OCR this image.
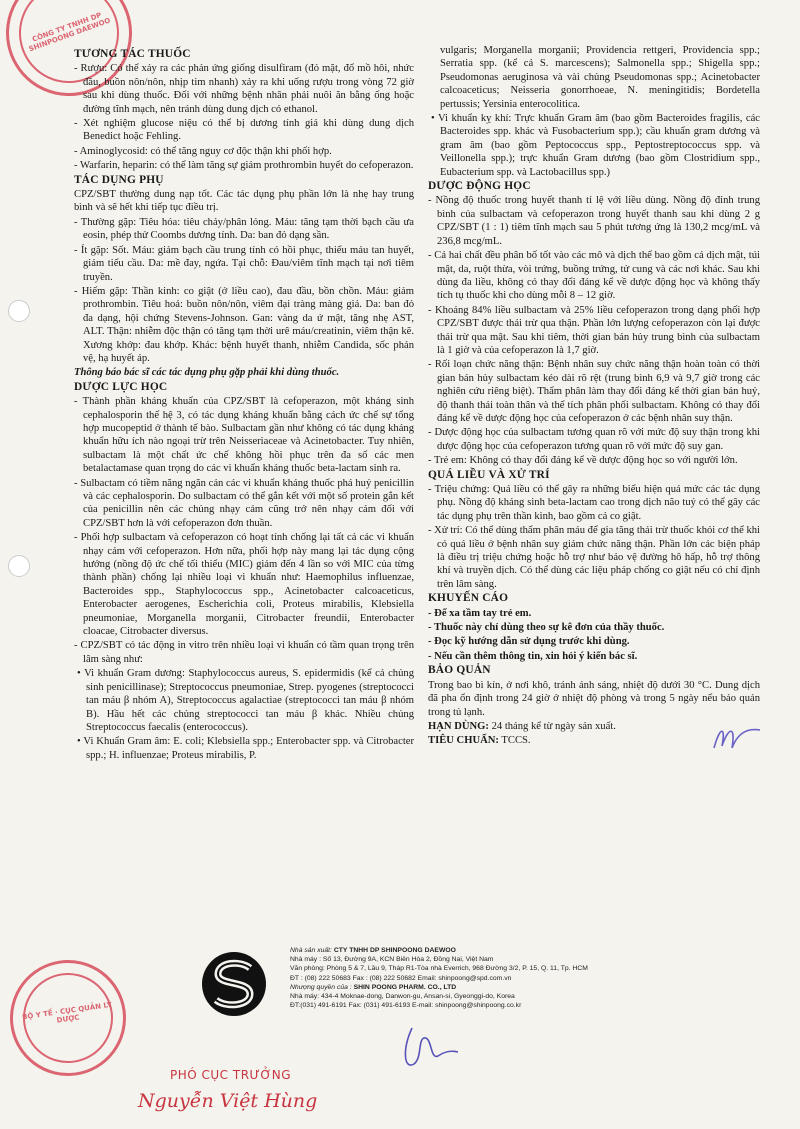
CÔNG TY TNHH DP SHINPOONG DAEWOO

TƯƠNG TÁC THUỐC

- Rượu: Có thể xảy ra các phản ứng giống disulfiram (đỏ mặt, đổ mồ hôi, nhức đầu, buồn nôn/nôn, nhịp tim nhanh) xảy ra khi uống rượu trong vòng 72 giờ sau khi dùng thuốc. Đối với những bệnh nhân phải nuôi ăn bằng ống hoặc đường tĩnh mạch, nên tránh dùng dung dịch có ethanol.

- Xét nghiệm glucose niệu có thể bị dương tính giả khi dùng dung dịch Benedict hoặc Fehling.

- Aminoglycosid: có thể tăng nguy cơ độc thận khi phối hợp.

- Warfarin, heparin: có thể làm tăng sự giảm prothrombin huyết do cefoperazon.

TÁC DỤNG PHỤ

CPZ/SBT thường dung nạp tốt. Các tác dụng phụ phần lớn là nhẹ hay trung bình và sẽ hết khi tiếp tục điều trị.

- Thường gặp: Tiêu hóa: tiêu chảy/phân lỏng. Máu: tăng tạm thời bạch cầu ưa eosin, phép thử Coombs dương tính. Da: ban đỏ dạng sần.

- Ít gặp: Sốt. Máu: giảm bạch cầu trung tính có hồi phục, thiếu máu tan huyết, giảm tiểu cầu. Da: mề đay, ngứa. Tại chỗ: Đau/viêm tĩnh mạch tại nơi tiêm truyền.

- Hiếm gặp: Thần kinh: co giật (ở liều cao), đau đầu, bồn chồn. Máu: giảm prothrombin. Tiêu hoá: buồn nôn/nôn, viêm đại tràng màng giả. Da: ban đỏ đa dạng, hội chứng Stevens-Johnson. Gan: vàng da ứ mật, tăng nhẹ AST, ALT. Thận: nhiễm độc thận có tăng tạm thời urê máu/creatinin, viêm thận kẽ. Xương khớp: đau khớp. Khác: bệnh huyết thanh, nhiễm Candida, sốc phản vệ, hạ huyết áp.

Thông báo bác sĩ các tác dụng phụ gặp phải khi dùng thuốc.

DƯỢC LỰC HỌC

- Thành phần kháng khuẩn của CPZ/SBT là cefoperazon, một kháng sinh cephalosporin thế hệ 3, có tác dụng kháng khuẩn bằng cách ức chế sự tổng hợp mucopeptid ở thành tế bào. Sulbactam gần như không có tác dụng kháng khuẩn hữu ích nào ngoại trừ trên Neisseriaceae và Acinetobacter. Tuy nhiên, sulbactam là một chất ức chế không hồi phục trên đa số các men betalactamase quan trọng do các vi khuẩn kháng thuốc beta-lactam sinh ra.

- Sulbactam có tiềm năng ngăn cản các vi khuẩn kháng thuốc phá huỷ penicillin và các cephalosporin. Do sulbactam có thể gắn kết với một số protein gắn kết của penicillin nên các chủng nhạy cảm cũng trở nên nhạy cảm đối với CPZ/SBT hơn là với cefoperazon đơn thuần.

- Phối hợp sulbactam và cefoperazon có hoạt tính chống lại tất cả các vi khuẩn nhạy cảm với cefoperazon. Hơn nữa, phối hợp này mang lại tác dụng cộng hưởng (nồng độ ức chế tối thiểu (MIC) giảm đến 4 lần so với MIC của từng thành phần) chống lại nhiều loại vi khuẩn như: Haemophilus influenzae, Bacteroides spp., Staphylococcus spp., Acinetobacter calcoaceticus, Enterobacter aerogenes, Escherichia coli, Proteus mirabilis, Klebsiella pneumoniae, Morganella morganii, Citrobacter freundii, Enterobacter cloacae, Citrobacter diversus.

- CPZ/SBT có tác động in vitro trên nhiều loại vi khuẩn có tầm quan trọng trên lâm sàng như:

• Vi khuẩn Gram dương: Staphylococcus aureus, S. epidermidis (kể cả chủng sinh penicillinase); Streptococcus pneumoniae, Strep. pyogenes (streptococci tan máu β nhóm A), Streptococcus agalactiae (streptococci tan máu β nhóm B). Hầu hết các chủng streptococci tan máu β khác. Nhiều chủng Streptococcus faecalis (enterococcus).

• Vi Khuẩn Gram âm: E. coli; Klebsiella spp.; Enterobacter spp. và Citrobacter spp.; H. influenzae; Proteus mirabilis, P.

vulgaris; Morganella morganii; Providencia rettgeri, Providencia spp.; Serratia spp. (kể cả S. marcescens); Salmonella spp.; Shigella spp.; Pseudomonas aeruginosa và vài chủng Pseudomonas spp.; Acinetobacter calcoaceticus; Neisseria gonorrhoeae, N. meningitidis; Bordetella pertussis; Yersinia enterocolitica.

• Vi khuẩn kỵ khí: Trực khuẩn Gram âm (bao gồm Bacteroides fragilis, các Bacteroides spp. khác và Fusobacterium spp.); cầu khuẩn gram dương và gram âm (bao gồm Peptococcus spp., Peptostreptococcus spp. và Veillonella spp.); trực khuẩn Gram dương (bao gồm Clostridium spp., Eubacterium spp. và Lactobacillus spp.)

DƯỢC ĐỘNG HỌC

- Nồng độ thuốc trong huyết thanh tỉ lệ với liều dùng. Nồng độ đỉnh trung bình của sulbactam và cefoperazon trong huyết thanh sau khi dùng 2 g CPZ/SBT (1 : 1) tiêm tĩnh mạch sau 5 phút tương ứng là 130,2 mcg/mL và 236,8 mcg/mL.

- Cả hai chất đều phân bố tốt vào các mô và dịch thể bao gồm cả dịch mật, túi mật, da, ruột thừa, vòi trứng, buồng trứng, tử cung và các nơi khác. Sau khi dùng đa liều, không có thay đổi đáng kể về dược động học và không thấy tích tụ thuốc khi cho dùng mỗi 8 – 12 giờ.

- Khoảng 84% liều sulbactam và 25% liều cefoperazon trong dạng phối hợp CPZ/SBT được thải trừ qua thận. Phần lớn lượng cefoperazon còn lại được thải trừ qua mật. Sau khi tiêm, thời gian bán hủy trung bình của sulbactam là 1 giờ và của cefoperazon là 1,7 giờ.

- Rối loạn chức năng thận: Bệnh nhân suy chức năng thận hoàn toàn có thời gian bán hủy sulbactam kéo dài rõ rệt (trung bình 6,9 và 9,7 giờ trong các nghiên cứu riêng biệt). Thẩm phân làm thay đổi đáng kể thời gian bán huỷ, độ thanh thải toàn thân và thể tích phân phối sulbactam. Không có thay đổi đáng kể về dược động học của cefoperazon ở các bệnh nhân suy thận.

- Dược động học của sulbactam tương quan rõ với mức độ suy thận trong khi dược động học của cefoperazon tương quan rõ với mức độ suy gan.

- Trẻ em: Không có thay đổi đáng kể về dược động học so với người lớn.

QUÁ LIỀU VÀ XỬ TRÍ

- Triệu chứng: Quá liều có thể gây ra những biểu hiện quá mức các tác dụng phụ. Nồng độ kháng sinh beta-lactam cao trong dịch não tuỷ có thể gây các tác dụng phụ trên thần kinh, bao gồm cả co giật.

- Xử trí: Có thể dùng thẩm phân máu để gia tăng thải trừ thuốc khỏi cơ thể khi có quá liều ở bệnh nhân suy giảm chức năng thận. Phần lớn các biện pháp là điều trị triệu chứng hoặc hỗ trợ như bảo vệ đường hô hấp, hỗ trợ thông khí và truyền dịch. Có thể dùng các liệu pháp chống co giật nếu có chỉ định trên lâm sàng.

KHUYẾN CÁO

- Để xa tầm tay trẻ em.

- Thuốc này chỉ dùng theo sự kê đơn của thầy thuốc.

- Đọc kỹ hướng dẫn sử dụng trước khi dùng.

- Nếu cần thêm thông tin, xin hỏi ý kiến bác sĩ.

BẢO QUẢN

Trong bao bì kín, ở nơi khô, tránh ánh sáng, nhiệt độ dưới 30 °C. Dung dịch đã pha ổn định trong 24 giờ ở nhiệt độ phòng và trong 5 ngày nếu bảo quản trong tủ lạnh.

HẠN DÙNG: 24 tháng kể từ ngày sản xuất.

TIÊU CHUẨN: TCCS.

Nhà sản xuất: CTY TNHH DP SHINPOONG DAEWOO
Nhà máy : Số 13, Đường 9A, KCN Biên Hòa 2, Đồng Nai, Việt Nam
Văn phòng: Phòng 5 & 7, Lầu 9, Tháp R1-Tòa nhà Everrich, 968 Đường 3/2, P. 15, Q. 11, Tp. HCM
ĐT : (08) 222 50683 Fax : (08) 222 50682 Email: shinpoong@spd.com.vn
Nhượng quyền của : SHIN POONG PHARM. CO., LTD
Nhà máy: 434-4 Moknae-dong, Danwon-gu, Ansan-si, Gyeonggi-do, Korea
ĐT:(031) 491-6191 Fax: (031) 491-6193 E-mail: shinpoong@shinpoong.co.kr
BỘ Y TẾ · CỤC QUẢN LÝ DƯỢC
PHÓ CỤC TRƯỞNG
Nguyễn Việt Hùng
